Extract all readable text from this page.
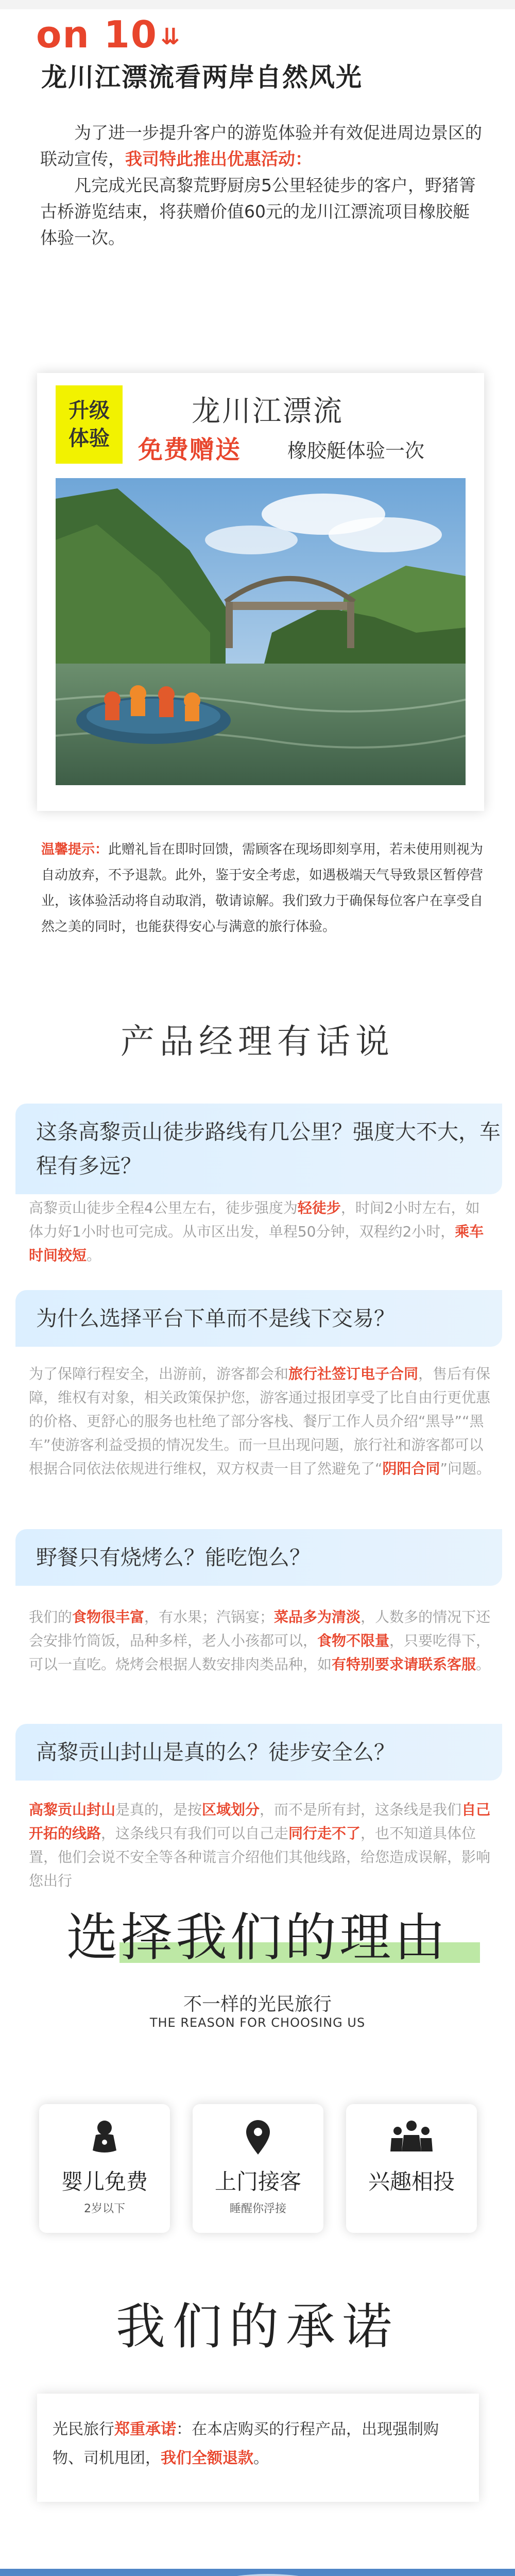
on 10 ⇊
龙川江漂流看两岸自然风光

为了进一步提升客户的游览体验并有效促进周边景区的联动宣传，我司特此推出优惠活动：

凡完成光民高黎荒野厨房5公里轻徒步的客户，野猪箐古桥游览结束，将获赠价值60元的龙川江漂流项目橡胶艇体验一次。

升级
体验
龙川江漂流
免费赠送 橡胶艇体验一次
温馨提示：此赠礼旨在即时回馈，需顾客在现场即刻享用，若未使用则视为自动放弃，不予退款。此外，鉴于安全考虑，如遇极端天气导致景区暂停营业，该体验活动将自动取消，敬请谅解。我们致力于确保每位客户在享受自然之美的同时，也能获得安心与满意的旅行体验。
产品经理有话说
这条高黎贡山徒步路线有几公里？强度大不大，车程有多远？
高黎贡山徒步全程4公里左右，徒步强度为轻徒步，时间2小时左右，如体力好1小时也可完成。从市区出发，单程50分钟，双程约2小时，乘车时间较短。
为什么选择平台下单而不是线下交易？
为了保障行程安全，出游前，游客都会和旅行社签订电子合同，售后有保障，维权有对象，相关政策保护您，游客通过报团享受了比自由行更优惠的价格、更舒心的服务也杜绝了部分客栈、餐厅工作人员介绍“黑导”“黑车”使游客利益受损的情况发生。而一旦出现问题，旅行社和游客都可以根据合同依法依规进行维权，双方权责一目了然避免了“阴阳合同”问题。
野餐只有烧烤么？能吃饱么？
我们的食物很丰富，有水果；汽锅宴；菜品多为清淡，人数多的情况下还会安排竹筒饭，品种多样，老人小孩都可以，食物不限量，只要吃得下，可以一直吃。烧烤会根据人数安排肉类品种，如有特别要求请联系客服。
高黎贡山封山是真的么？徒步安全么？
高黎贡山封山是真的，是按区域划分，而不是所有封，这条线是我们自己开拓的线路，这条线只有我们可以自己走同行走不了，也不知道具体位置，他们会说不安全等各种谎言介绍他们其他线路，给您造成误解，影响您出行
选择我们的理由
不一样的光民旅行
THE REASON FOR CHOOSING US
婴儿免费
2岁以下
上门接客
睡醒你浮接
兴趣相投
我们的承诺
光民旅行郑重承诺：在本店购买的行程产品，出现强制购物、司机甩团，我们全额退款。
